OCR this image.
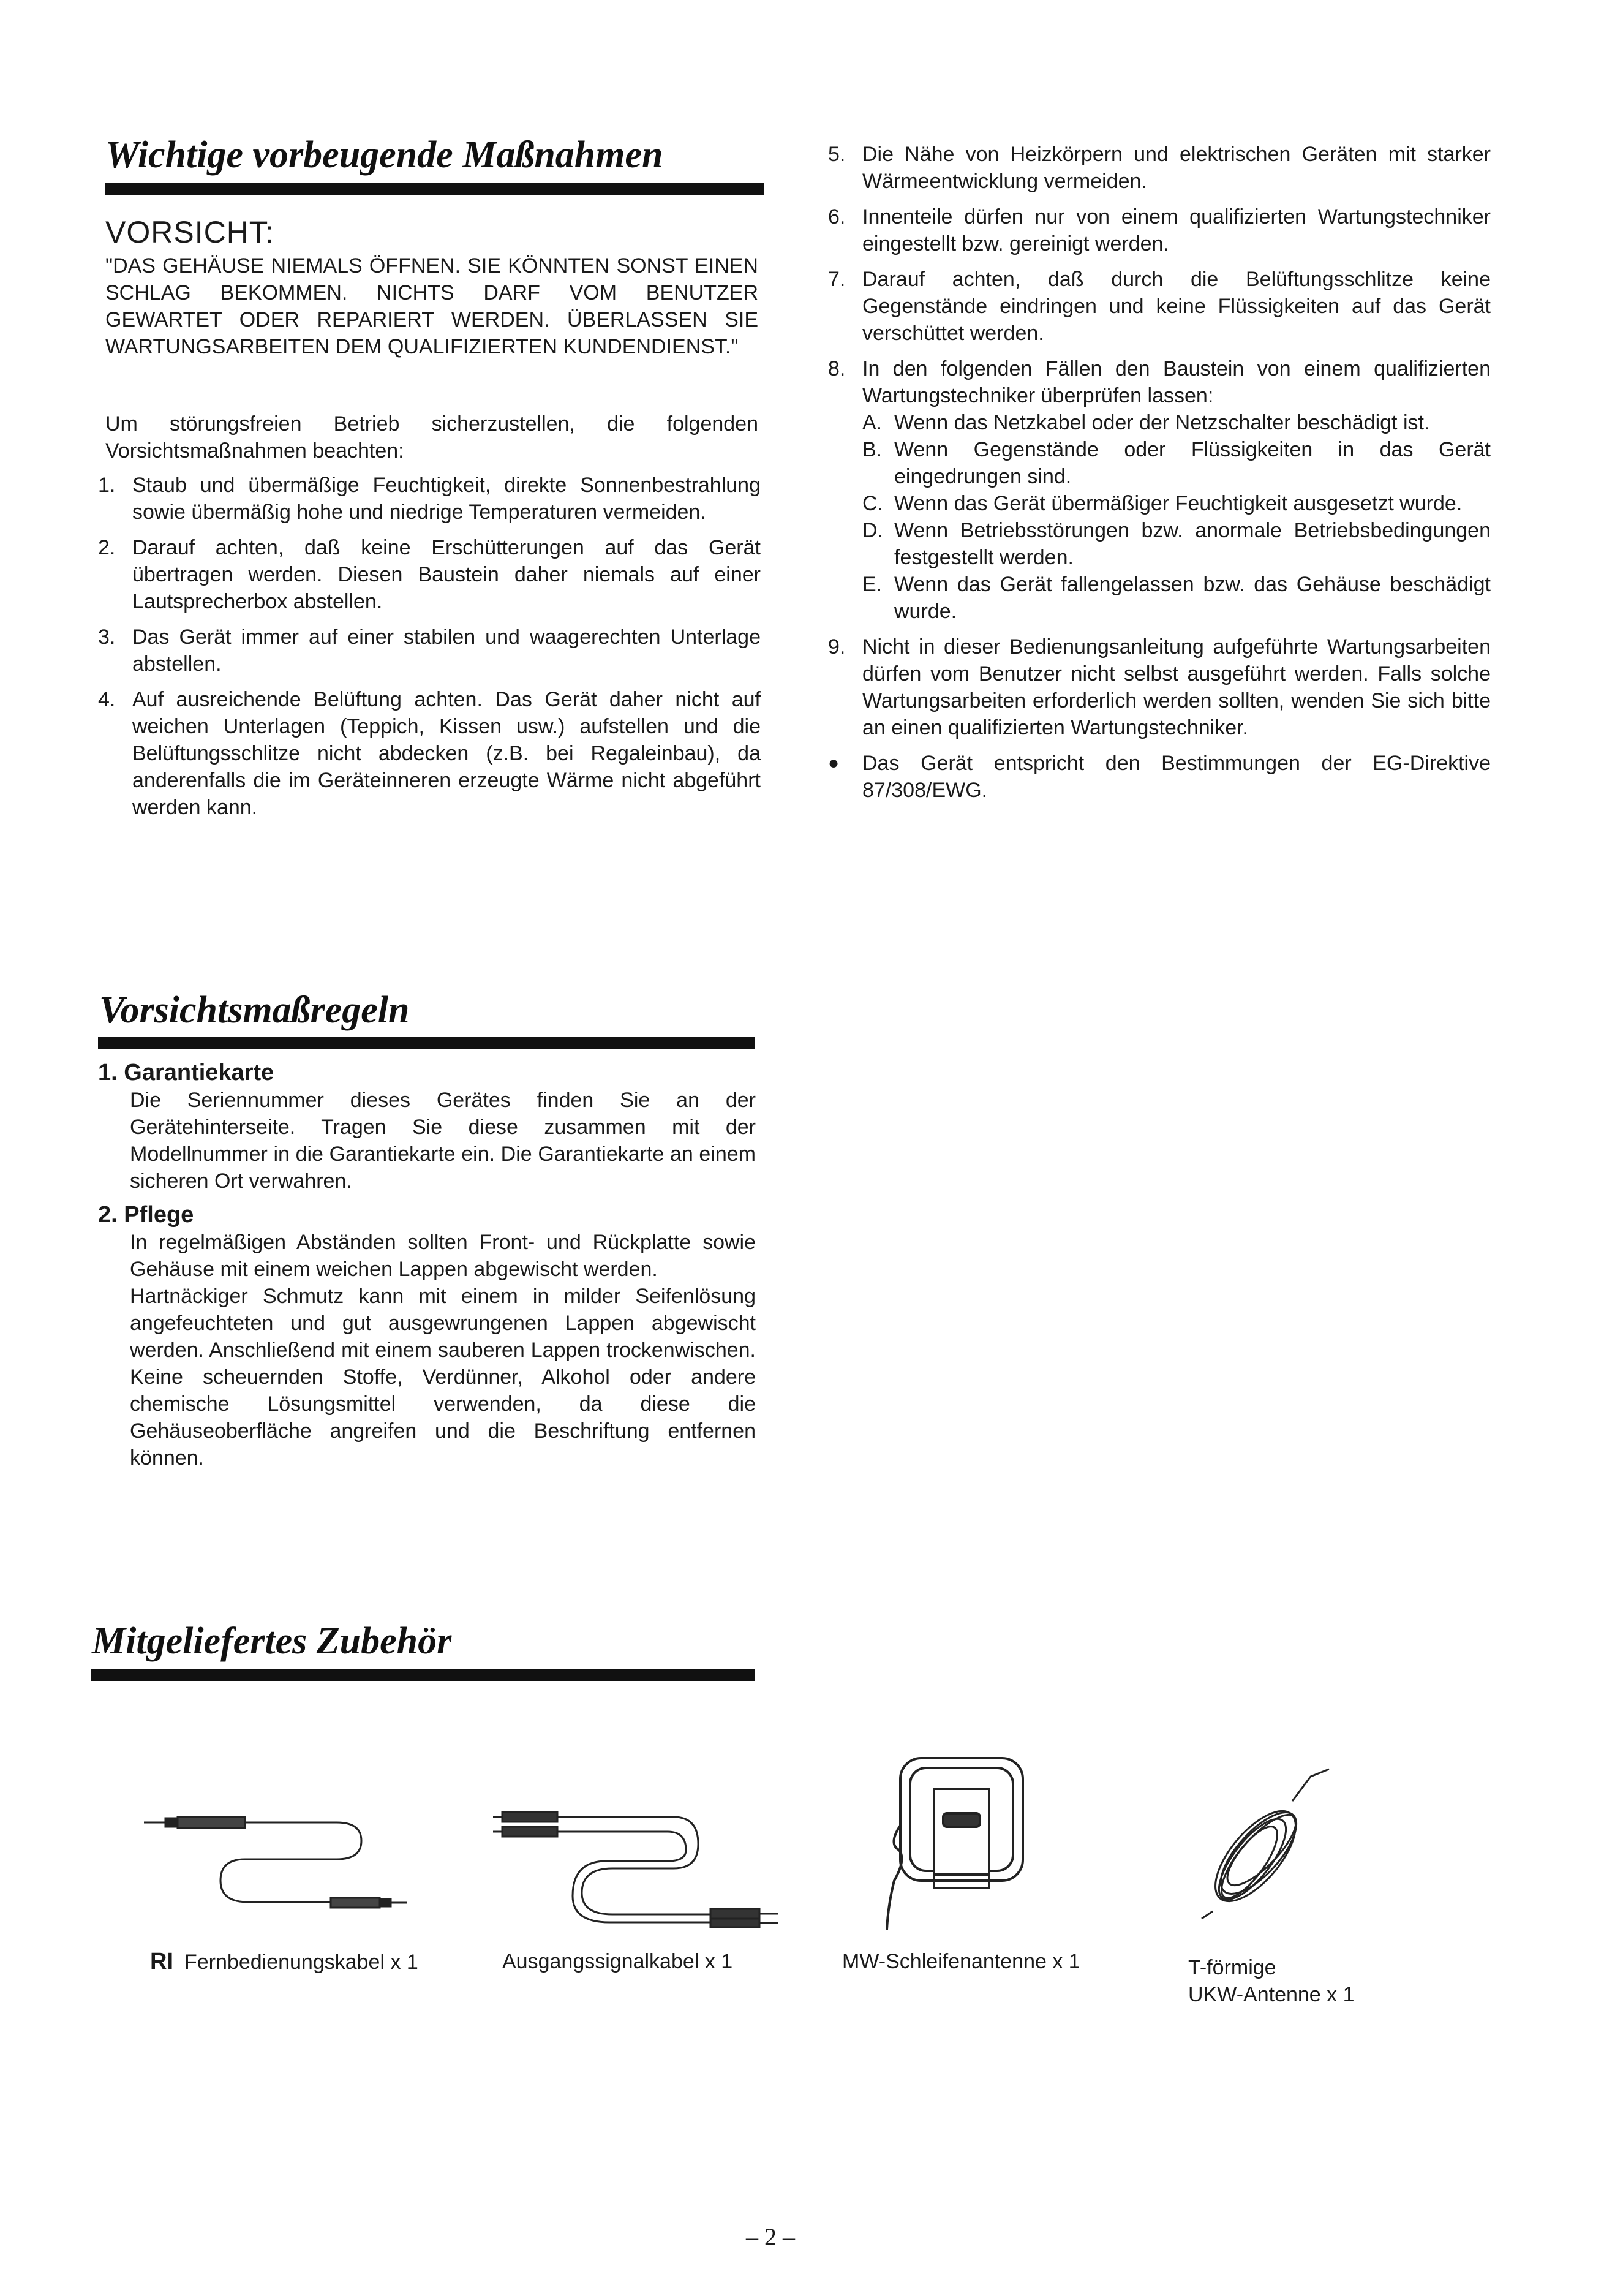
Wichtige vorbeugende Maßnahmen
VORSICHT:
"DAS GEHÄUSE NIEMALS ÖFFNEN. SIE KÖNNTEN SONST EINEN SCHLAG BEKOMMEN. NICHTS DARF VOM BENUTZER GEWARTET ODER REPARIERT WERDEN. ÜBERLASSEN SIE WARTUNGSARBEITEN DEM QUALIFIZIERTEN KUNDENDIENST."
Um störungsfreien Betrieb sicherzustellen, die folgenden Vorsichtsmaßnahmen beachten:
1. Staub und übermäßige Feuchtigkeit, direkte Sonnenbestrahlung sowie übermäßig hohe und niedrige Temperaturen vermeiden.
2. Darauf achten, daß keine Erschütterungen auf das Gerät übertragen werden. Diesen Baustein daher niemals auf einer Lautsprecherbox abstellen.
3. Das Gerät immer auf einer stabilen und waagerechten Unterlage abstellen.
4. Auf ausreichende Belüftung achten. Das Gerät daher nicht auf weichen Unterlagen (Teppich, Kissen usw.) aufstellen und die Belüftungsschlitze nicht abdecken (z.B. bei Regaleinbau), da anderenfalls die im Geräteinneren erzeugte Wärme nicht abgeführt werden kann.
5. Die Nähe von Heizkörpern und elektrischen Geräten mit starker Wärmeentwicklung vermeiden.
6. Innenteile dürfen nur von einem qualifizierten Wartungstechniker eingestellt bzw. gereinigt werden.
7. Darauf achten, daß durch die Belüftungsschlitze keine Gegenstände eindringen und keine Flüssigkeiten auf das Gerät verschüttet werden.
8. In den folgenden Fällen den Baustein von einem qualifizierten Wartungstechniker überprüfen lassen:
A. Wenn das Netzkabel oder der Netzschalter beschädigt ist.
B. Wenn Gegenstände oder Flüssigkeiten in das Gerät eingedrungen sind.
C. Wenn das Gerät übermäßiger Feuchtigkeit ausgesetzt wurde.
D. Wenn Betriebsstörungen bzw. anormale Betriebsbedingungen festgestellt werden.
E. Wenn das Gerät fallengelassen bzw. das Gehäuse beschädigt wurde.
9. Nicht in dieser Bedienungsanleitung aufgeführte Wartungsarbeiten dürfen vom Benutzer nicht selbst ausgeführt werden. Falls solche Wartungsarbeiten erforderlich werden sollten, wenden Sie sich bitte an einen qualifizierten Wartungstechniker.
● Das Gerät entspricht den Bestimmungen der EG-Direktive 87/308/EWG.
Vorsichtsmaßregeln
1. Garantiekarte
Die Seriennummer dieses Gerätes finden Sie an der Gerätehinterseite. Tragen Sie diese zusammen mit der Modellnummer in die Garantiekarte ein. Die Garantiekarte an einem sicheren Ort verwahren.
2. Pflege
In regelmäßigen Abständen sollten Front- und Rückplatte sowie Gehäuse mit einem weichen Lappen abgewischt werden.
Hartnäckiger Schmutz kann mit einem in milder Seifenlösung angefeuchteten und gut ausgewrungenen Lappen abgewischt werden. Anschließend mit einem sauberen Lappen trockenwischen. Keine scheuernden Stoffe, Verdünner, Alkohol oder andere chemische Lösungsmittel verwenden, da diese die Gehäuseoberfläche angreifen und die Beschriftung entfernen können.
Mitgeliefertes Zubehör
RI Fernbedienungskabel x 1	Ausgangssignalkabel x 1	MW-Schleifenantenne x 1	T-förmige
UKW-Antenne x 1
– 2 –
